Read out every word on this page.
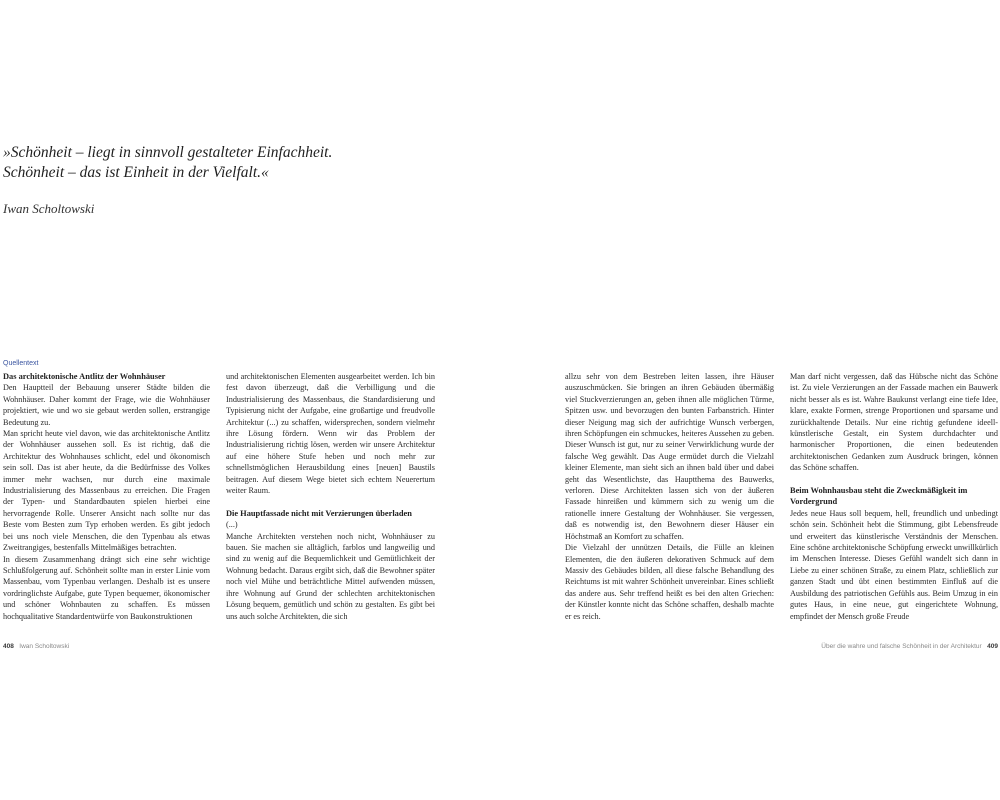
»Schönheit – liegt in sinnvoll gestalteter Einfachheit.

Schönheit – das ist Einheit in der Vielfalt.«

Iwan Scholtowski
Quellentext
Das architektonische Antlitz der Wohnhäuser

Den Hauptteil der Bebauung unserer Städte bilden die Wohnhäuser. Daher kommt der Frage, wie die Wohnhäuser projektiert, wie und wo sie gebaut werden sollen, erstrangige Bedeutung zu.

Man spricht heute viel davon, wie das architektonische Antlitz der Wohnhäuser aussehen soll. Es ist richtig, daß die Architektur des Wohnhauses schlicht, edel und ökonomisch sein soll. Das ist aber heute, da die Bedürfnisse des Volkes immer mehr wachsen, nur durch eine maximale Industrialisierung des Massenbaus zu erreichen. Die Fragen der Typen- und Standardbauten spielen hierbei eine hervorragende Rolle. Unserer Ansicht nach sollte nur das Beste vom Besten zum Typ erhoben werden. Es gibt jedoch bei uns noch viele Menschen, die den Typenbau als etwas Zweitrangiges, bestenfalls Mittelmäßiges betrachten.

In diesem Zusammenhang drängt sich eine sehr wichtige Schlußfolgerung auf. Schönheit sollte man in erster Linie vom Massenbau, vom Typenbau verlangen. Deshalb ist es unsere vordringlichste Aufgabe, gute Typen bequemer, ökonomischer und schöner Wohnbauten zu schaffen. Es müssen hochqualitative Standardentwürfe von Baukonstruktionen

und architektonischen Elementen ausgearbeitet werden. Ich bin fest davon überzeugt, daß die Verbilligung und die Industrialisierung des Massenbaus, die Standardisierung und Typisierung nicht der Aufgabe, eine großartige und freudvolle Architektur (...) zu schaffen, widersprechen, sondern vielmehr ihre Lösung fördern. Wenn wir das Problem der Industrialisierung richtig lösen, werden wir unsere Architektur auf eine höhere Stufe heben und noch mehr zur schnellstmöglichen Herausbildung eines [neuen] Baustils beitragen. Auf diesem Wege bietet sich echtem Neuerertum weiter Raum.

Die Hauptfassade nicht mit Verzierungen überladen

(...)

Manche Architekten verstehen noch nicht, Wohnhäuser zu bauen. Sie machen sie alltäglich, farblos und langweilig und sind zu wenig auf die Bequemlichkeit und Gemütlichkeit der Wohnung bedacht. Daraus ergibt sich, daß die Bewohner später noch viel Mühe und beträchtliche Mittel aufwenden müssen, ihre Wohnung auf Grund der schlechten architektonischen Lösung bequem, gemütlich und schön zu gestalten. Es gibt bei uns auch solche Architekten, die sich

allzu sehr von dem Bestreben leiten lassen, ihre Häuser auszuschmücken. Sie bringen an ihren Gebäuden übermäßig viel Stuckverzierungen an, geben ihnen alle möglichen Türme, Spitzen usw. und bevorzugen den bunten Farbanstrich. Hinter dieser Neigung mag sich der aufrichtige Wunsch verbergen, ihren Schöpfungen ein schmuckes, heiteres Aussehen zu geben. Dieser Wunsch ist gut, nur zu seiner Verwirklichung wurde der falsche Weg gewählt. Das Auge ermüdet durch die Vielzahl kleiner Elemente, man sieht sich an ihnen bald über und dabei geht das Wesentlichste, das Hauptthema des Bauwerks, verloren. Diese Architekten lassen sich von der äußeren Fassade hinreißen und kümmern sich zu wenig um die rationelle innere Gestaltung der Wohnhäuser. Sie vergessen, daß es notwendig ist, den Bewohnern dieser Häuser ein Höchstmaß an Komfort zu schaffen.

Die Vielzahl der unnützen Details, die Fülle an kleinen Elementen, die den äußeren dekorativen Schmuck auf dem Massiv des Gebäudes bilden, all diese falsche Behandlung des Reichtums ist mit wahrer Schönheit unvereinbar. Eines schließt das andere aus. Sehr treffend heißt es bei den alten Griechen: der Künstler konnte nicht das Schöne schaffen, deshalb machte er es reich.

Man darf nicht vergessen, daß das Hübsche nicht das Schöne ist. Zu viele Verzierungen an der Fassade machen ein Bauwerk nicht besser als es ist. Wahre Baukunst verlangt eine tiefe Idee, klare, exakte Formen, strenge Proportionen und sparsame und zurückhaltende Details. Nur eine richtig gefundene ideell-künstlerische Gestalt, ein System durchdachter und harmonischer Proportionen, die einen bedeutenden architektonischen Gedanken zum Ausdruck bringen, können das Schöne schaffen.

Beim Wohnhausbau steht die Zweckmäßigkeit im Vordergrund

Jedes neue Haus soll bequem, hell, freundlich und unbedingt schön sein. Schönheit hebt die Stimmung, gibt Lebensfreude und erweitert das künstlerische Verständnis der Menschen. Eine schöne architektonische Schöpfung erweckt unwillkürlich im Menschen Interesse. Dieses Gefühl wandelt sich dann in Liebe zu einer schönen Straße, zu einem Platz, schließlich zur ganzen Stadt und übt einen bestimmten Einfluß auf die Ausbildung des patriotischen Gefühls aus. Beim Umzug in ein gutes Haus, in eine neue, gut eingerichtete Wohnung, empfindet der Mensch große Freude

408 Iwan Scholtowski	Über die wahre und falsche Schönheit in der Architektur 409
